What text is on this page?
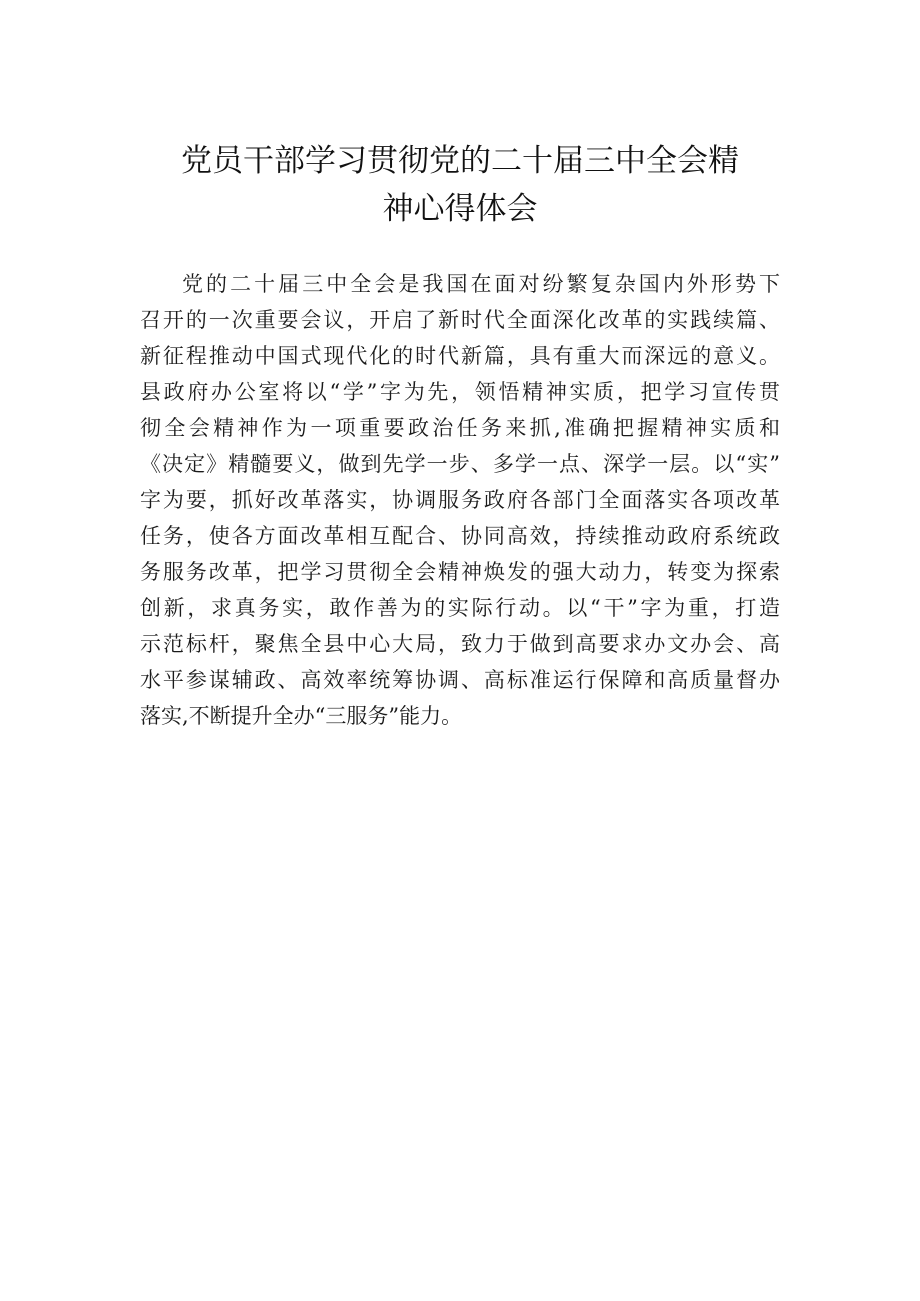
党员干部学习贯彻党的二十届三中全会精
神心得体会
党的二十届三中全会是我国在面对纷繁复杂国内外形势下
召开的一次重要会议，开启了新时代全面深化改革的实践续篇、
新征程推动中国式现代化的时代新篇，具有重大而深远的意义。
县政府办公室将以“学”字为先，领悟精神实质，把学习宣传贯
彻全会精神作为一项重要政治任务来抓,准确把握精神实质和
《决定》精髓要义，做到先学一步、多学一点、深学一层。以“实”
字为要，抓好改革落实，协调服务政府各部门全面落实各项改革
任务，使各方面改革相互配合、协同高效，持续推动政府系统政
务服务改革，把学习贯彻全会精神焕发的强大动力，转变为探索
创新，求真务实，敢作善为的实际行动。以“干”字为重，打造
示范标杆，聚焦全县中心大局，致力于做到高要求办文办会、高
水平参谋辅政、高效率统筹协调、高标准运行保障和高质量督办
落实,不断提升全办“三服务”能力。
